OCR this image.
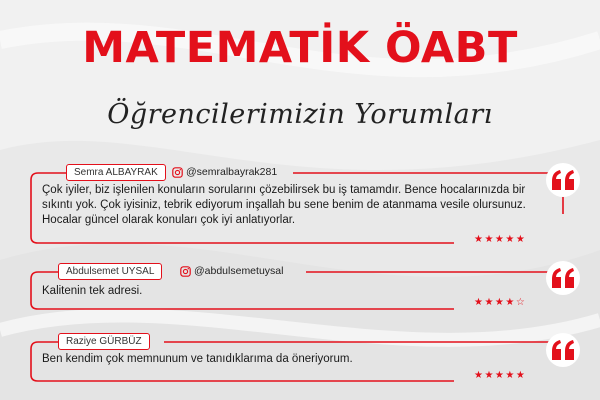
MATEMATİK ÖABT
Öğrencilerimizin Yorumları
Semra ALBAYRAK	@semralbayrak281
Çok iyiler, biz işlenilen konuların sorularını çözebilirsek bu iş tamamdır. Bence hocalarınızda bir sıkıntı yok. Çok iyisiniz, tebrik ediyorum inşallah bu sene benim de atanmama vesile olursunuz. Hocalar güncel olarak konuları çok iyi anlatıyorlar.
★★★★★
Abdulsemet UYSAL	@abdulsemetuysal
Kalitenin tek adresi.
★★★★☆
Raziye GÜRBÜZ
Ben kendim çok memnunum ve tanıdıklarıma da öneriyorum.
★★★★★
